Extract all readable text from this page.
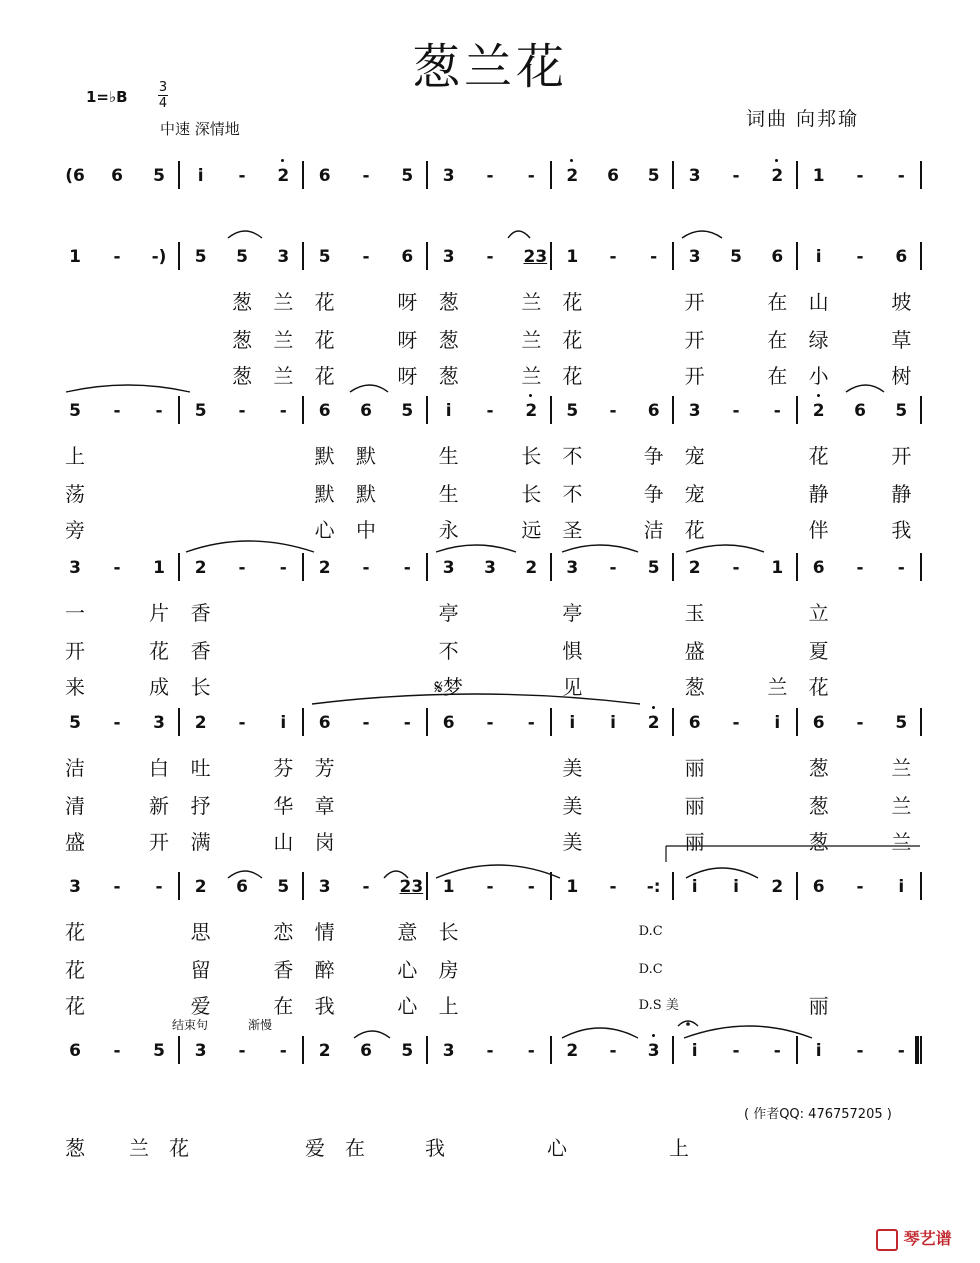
葱兰花
1=♭B
3
4
中速 深情地	词曲 向邦瑜
(6	6	5	i	-	2	6	-	5	3	-	-	2	6	5	3	-	2	1	-	-
1	-	-)	5	5	3	5	-	6	3	-	23	1	-	-	3	5	6	i	-	6
葱 兰 花	呀 葱	兰 花	开	在 山	坡
葱 兰 花	呀 葱	兰 花	开	在 绿	草
葱 兰 花	呀 葱	兰 花	开	在 小	树
5	-	-	5	-	-	6	6	5	i	-	2	5	-	6	3	-	-	2	6	5
上	默 默	生	长 不	争 宠	花	开
荡	默 默	生	长 不	争 宠	静	静
旁	心 中	永	远 圣	洁 花	伴	我
3	-	1	2	-	-	2	-	-	3	3	2	3	-	5	2	-	1	6	-	-
一	片 香	亭	亭	玉	立
开	花 香	不	惧	盛	夏
来	成 长	𝄋梦	见	葱	兰 花
5	-	3	2	-	i	6	-	-	6	-	-	i	i	2	6	-	i	6	-	5
洁	白 吐	芬 芳	美	丽	葱	兰
清	新 抒	华 章	美	丽	葱	兰
盛	开 满	山 岗	美	丽	葱	兰
3	-	-	2	6	5	3	-	23	1	-	-	1	-	-:	i	i	2	6	-	i
花	思	恋 情	意 长	D.C
花	留	香 醉	心 房	D.C
花	爱	在 我	心 上	D.S 美	丽
6	-	5	3	-	-	2	6	5	3	-	-	2	-	3	i	-	-	i	-	-
结束句	渐慢
( 作者QQ: 476757205 )
葱 兰 花	爱 在	我	心	上
琴艺谱
